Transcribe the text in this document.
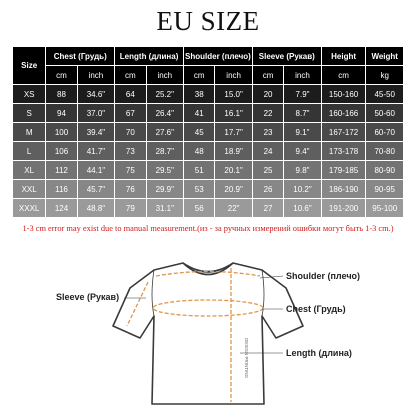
EU SIZE
Size	Chest (Грудь)		Length (длина)		Shoulder (плечо)		Sleeve (Рукав)		Height	Weight
	cm	inch	cm	inch	cm	inch	cm	inch	cm	kg
XS	88	34.6"	64	25.2"	38	15.0"	20	7.9"	150-160	45-50
S	94	37.0"	67	26.4"	41	16.1"	22	8.7"	160-166	50-60
M	100	39.4"	70	27.6"	45	17.7"	23	9.1"	167-172	60-70
L	106	41.7"	73	28.7"	48	18.9"	24	9.4"	173-178	70-80
XL	112	44.1"	75	29.5"	51	20.1"	25	9.8"	179-185	80-90
XXL	116	45.7"	76	29.9"	53	20.9"	26	10.2"	186-190	90-95
XXXL	124	48.8"	79	31.1"	56	22"	27	10.6"	191-200	95-100
1-3 cm error may exist due to manual measurement.(из - за ручных измерений ошибки могут быть 1-3 cm.)
DESIGN PRINTING
Sleeve (Рукав)
Shoulder (плечо)
Chest (Грудь)
Length (длина)
